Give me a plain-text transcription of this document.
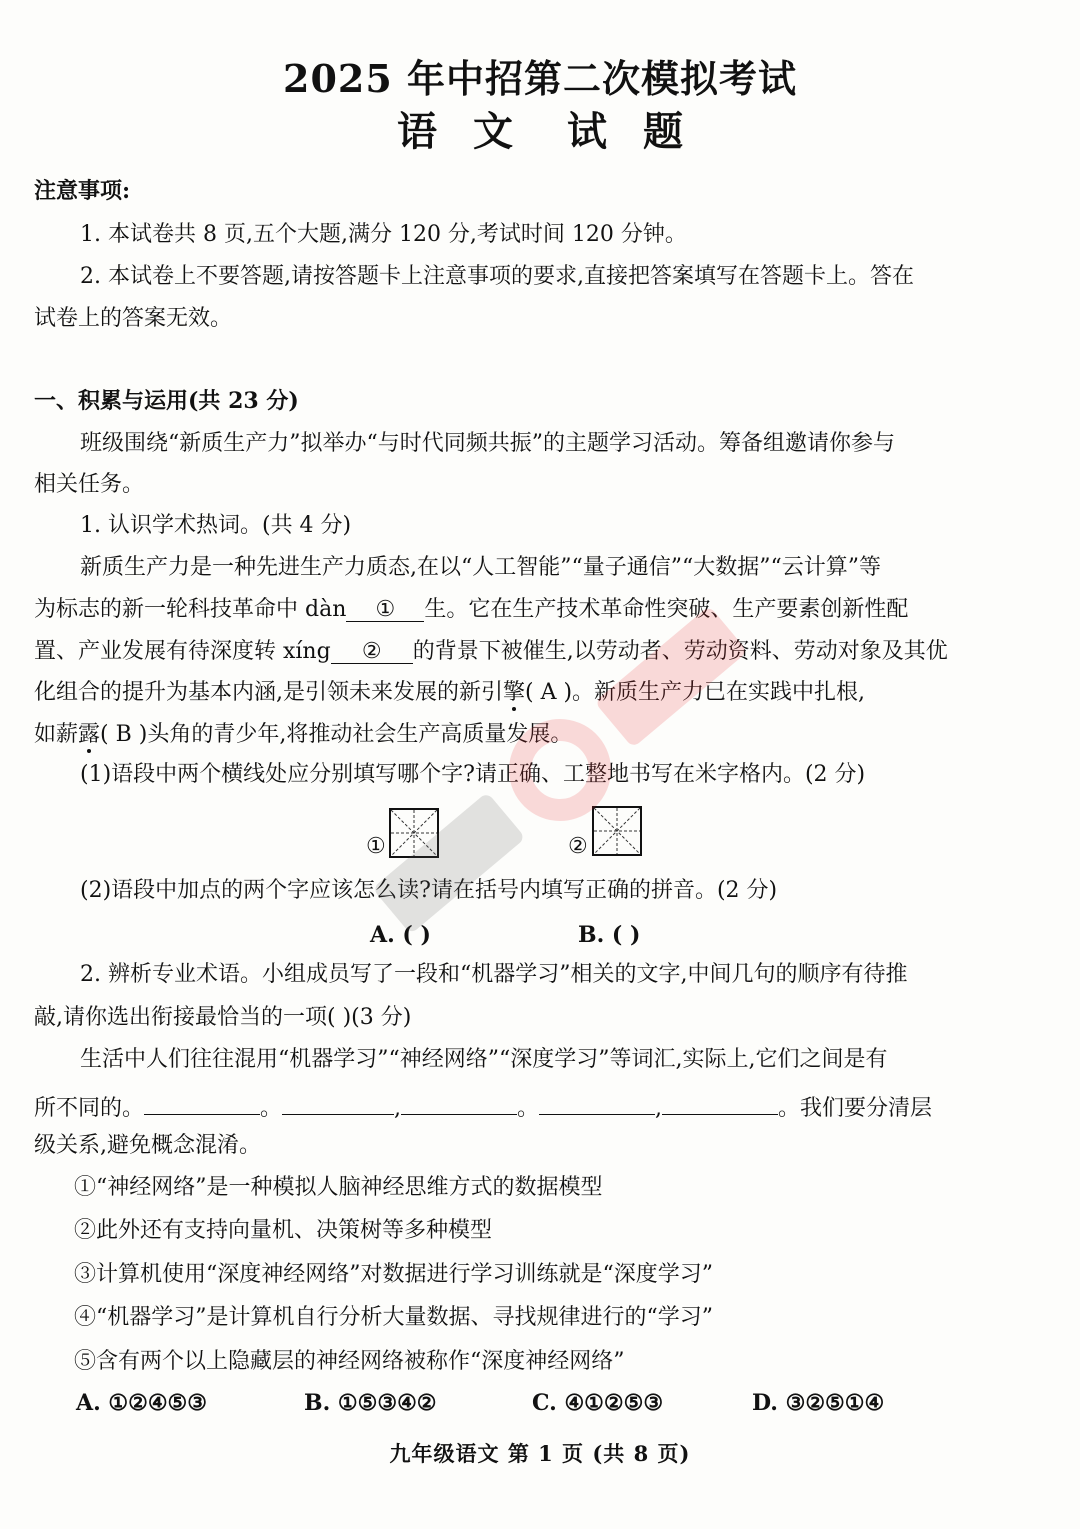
2025 年中招第二次模拟考试
语 文 试 题
注意事项:
1. 本试卷共 8 页,五个大题,满分 120 分,考试时间 120 分钟。
2. 本试卷上不要答题,请按答题卡上注意事项的要求,直接把答案填写在答题卡上。答在
试卷上的答案无效。
一、积累与运用(共 23 分)
班级围绕“新质生产力”拟举办“与时代同频共振”的主题学习活动。筹备组邀请你参与
相关任务。
1. 认识学术热词。(共 4 分)
新质生产力是一种先进生产力质态,在以“人工智能”“量子通信”“大数据”“云计算”等
为标志的新一轮科技革命中 dàn ① 生。它在生产技术革命性突破、生产要素创新性配
置、产业发展有待深度转 xíng ② 的背景下被催生,以劳动者、劳动资料、劳动对象及其优
化组合的提升为基本内涵,是引领未来发展的新引擎( A )。新质生产力已在实践中扎根,
如薪露( B )头角的青少年,将推动社会生产高质量发展。
(1)语段中两个横线处应分别填写哪个字?请正确、工整地书写在米字格内。(2 分)
①	②
(2)语段中加点的两个字应该怎么读?请在括号内填写正确的拼音。(2 分)
A. ( )	B. ( )
2. 辨析专业术语。小组成员写了一段和“机器学习”相关的文字,中间几句的顺序有待推
敲,请你选出衔接最恰当的一项( )(3 分)
生活中人们往往混用“机器学习”“神经网络”“深度学习”等词汇,实际上,它们之间是有
所不同的。	。	,	。	,	。我们要分清层
级关系,避免概念混淆。
①“神经网络”是一种模拟人脑神经思维方式的数据模型
②此外还有支持向量机、决策树等多种模型
③计算机使用“深度神经网络”对数据进行学习训练就是“深度学习”
④“机器学习”是计算机自行分析大量数据、寻找规律进行的“学习”
⑤含有两个以上隐藏层的神经网络被称作“深度神经网络”
A. ①②④⑤③	B. ①⑤③④②	C. ④①②⑤③	D. ③②⑤①④
九年级语文 第 1 页 (共 8 页)
